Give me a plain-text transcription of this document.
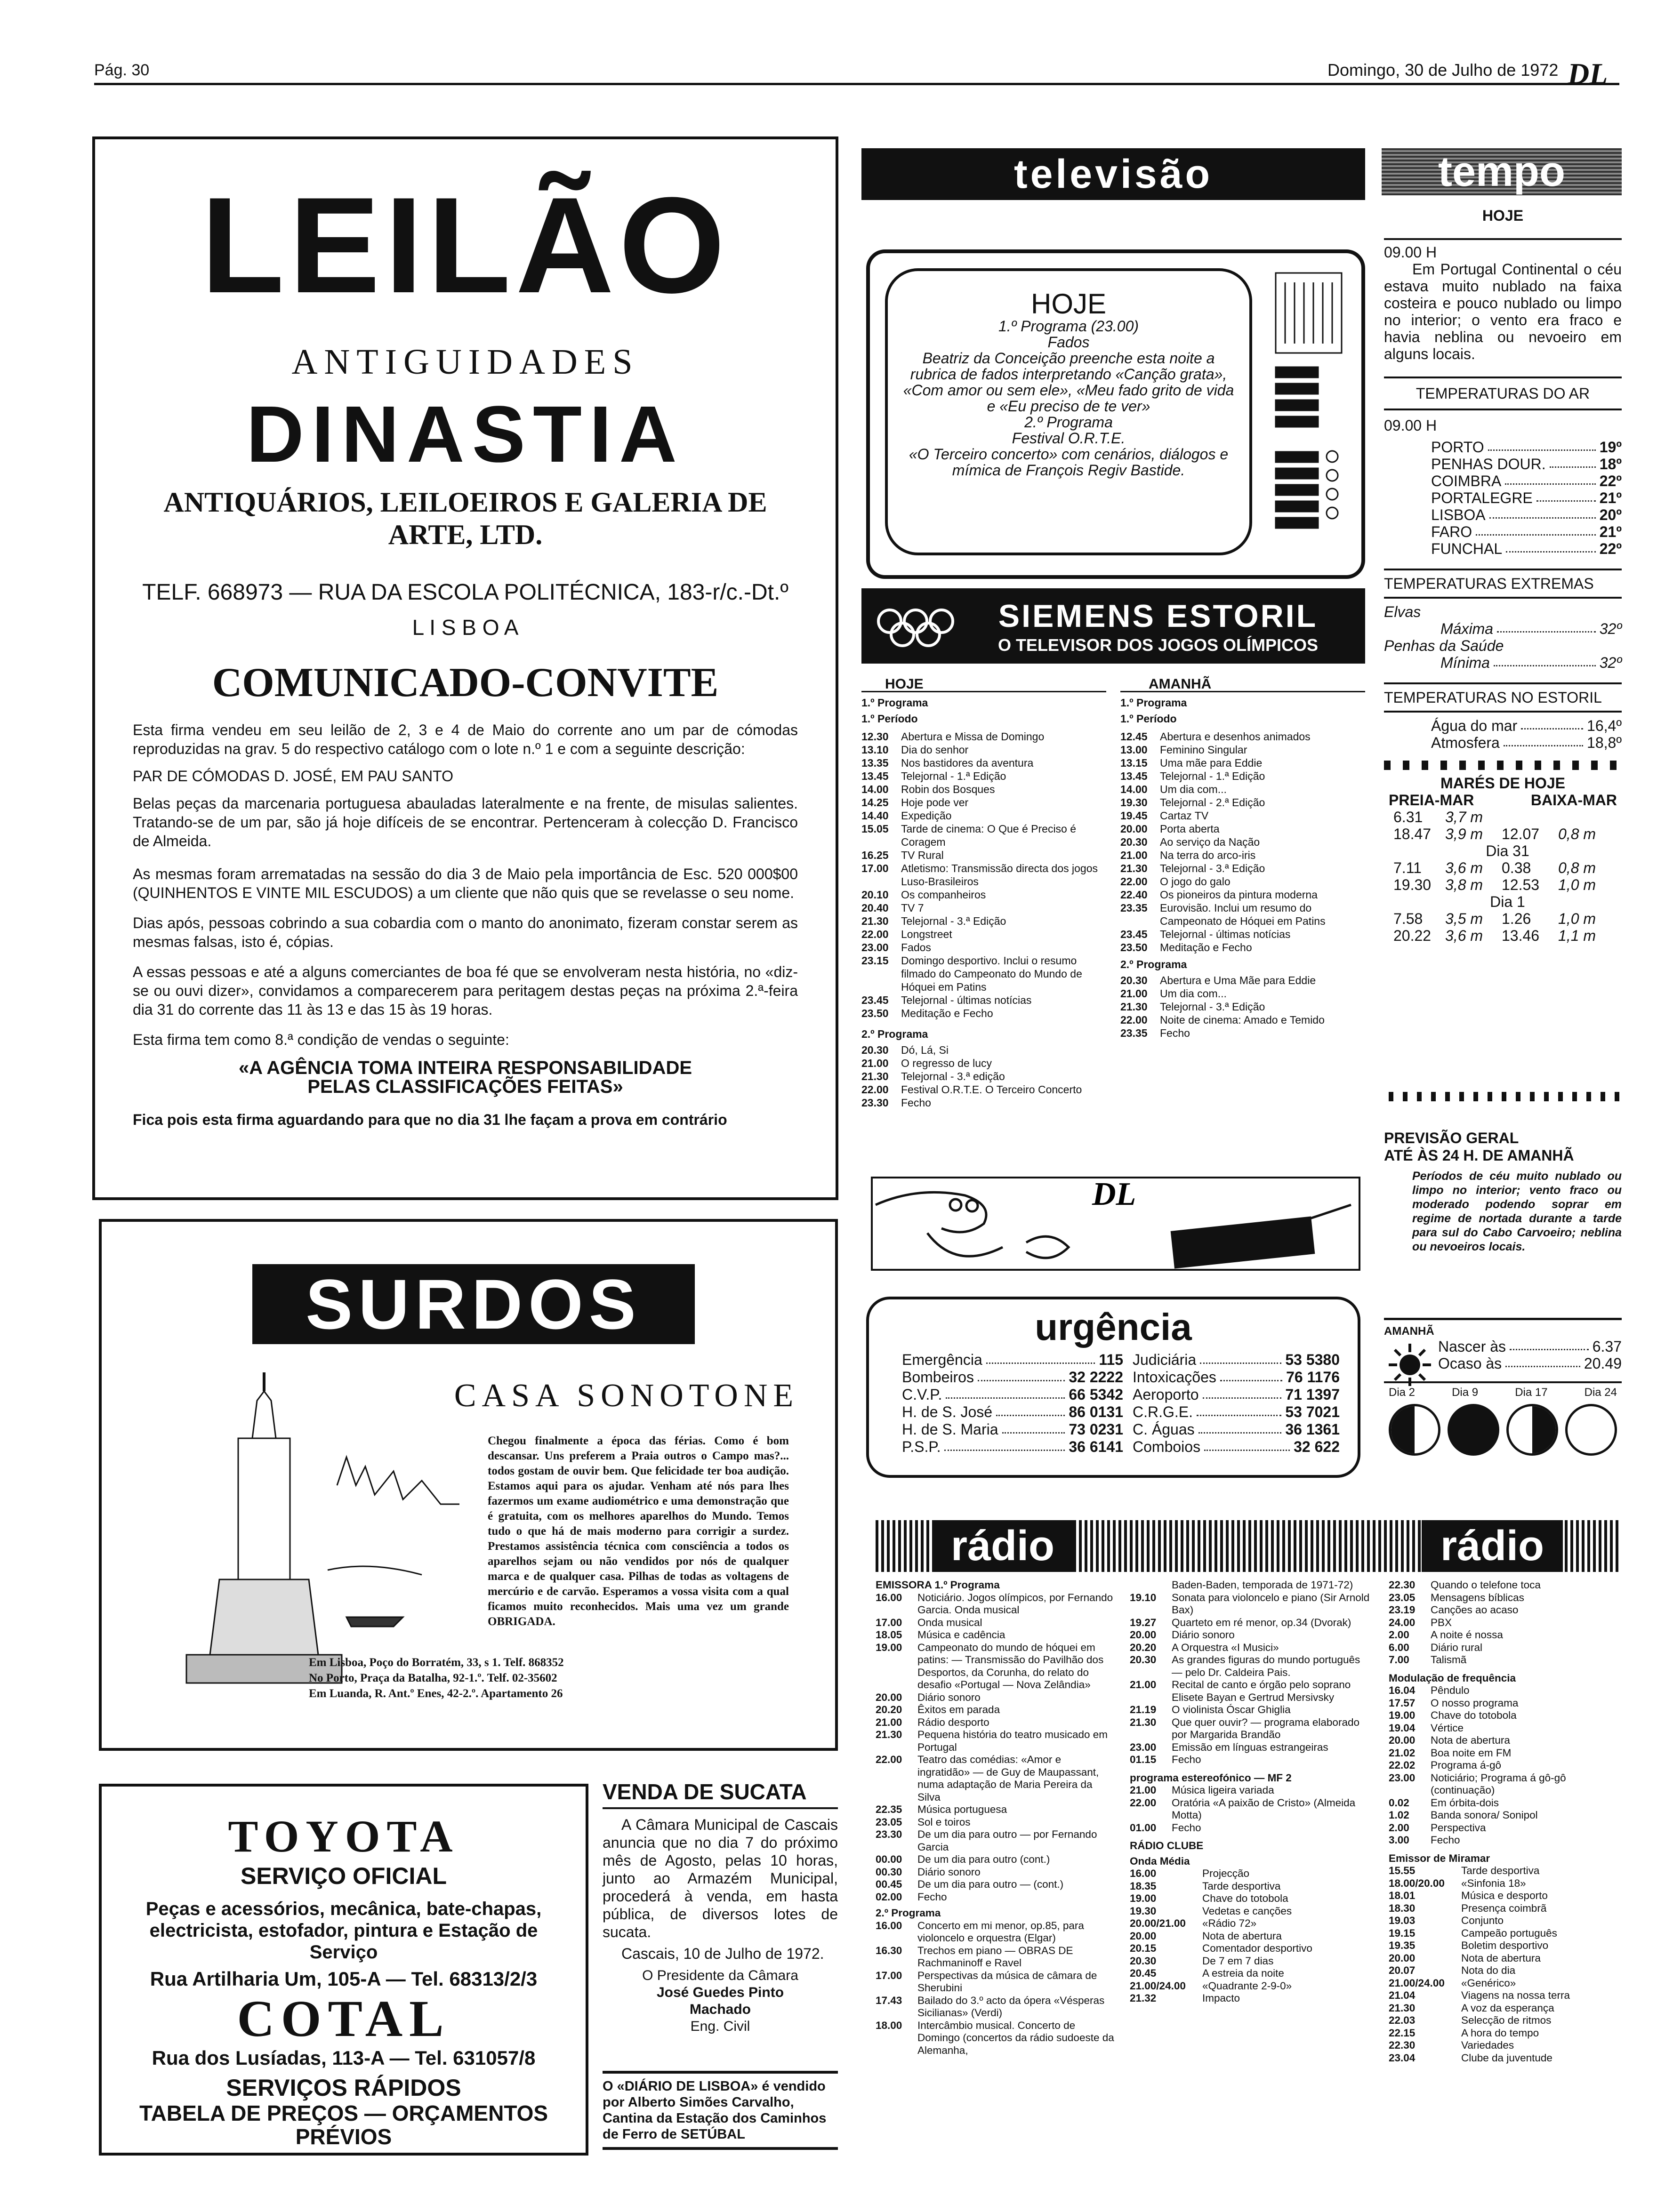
Pág. 30	Domingo, 30 de Julho de 1972 DL
LEILÃO
ANTIGUIDADES
DINASTIA
ANTIQUÁRIOS, LEILOEIROS E GALERIA DE ARTE, LTD.
TELF. 668973 — RUA DA ESCOLA POLITÉCNICA, 183-r/c.-Dt.º
L I S B O A
COMUNICADO-CONVITE

Esta firma vendeu em seu leilão de 2, 3 e 4 de Maio do corrente ano um par de cómodas reproduzidas na grav. 5 do respectivo catálogo com o lote n.º 1 e com a seguinte descrição:

PAR DE CÓMODAS D. JOSÉ, EM PAU SANTO

Belas peças da marcenaria portuguesa abauladas lateralmente e na frente, de misulas salientes. Tratando-se de um par, são já hoje difíceis de se encontrar. Pertenceram à colecção D. Francisco de Almeida.

As mesmas foram arrematadas na sessão do dia 3 de Maio pela importância de Esc. 520 000$00 (QUINHENTOS E VINTE MIL ESCUDOS) a um cliente que não quis que se revelasse o seu nome.

Dias após, pessoas cobrindo a sua cobardia com o manto do anonimato, fizeram constar serem as mesmas falsas, isto é, cópias.

A essas pessoas e até a alguns comerciantes de boa fé que se envolveram nesta história, no «diz-se ou ouvi dizer», convidamos a comparecerem para peritagem destas peças na próxima 2.ª-feira dia 31 do corrente das 11 às 13 e das 15 às 19 horas.

Esta firma tem como 8.ª condição de vendas o seguinte:

«A AGÊNCIA TOMA INTEIRA RESPONSABILIDADE
PELAS CLASSIFICAÇÕES FEITAS»

Fica pois esta firma aguardando para que no dia 31 lhe façam a prova em contrário

SURDOS
CASA SONOTONE
Chegou finalmente a época das férias. Como é bom descansar. Uns preferem a Praia outros o Campo mas?... todos gostam de ouvir bem. Que felicidade ter boa audição. Estamos aqui para os ajudar. Venham até nós para lhes fazermos um exame audiométrico e uma demonstração que é gratuita, com os melhores aparelhos do Mundo. Temos tudo o que há de mais moderno para corrigir a surdez. Prestamos assistência técnica com consciência a todos os aparelhos sejam ou não vendidos por nós de qualquer marca e de qualquer casa. Pilhas de todas as voltagens de mercúrio e de carvão. Esperamos a vossa visita com a qual ficamos muito reconhecidos. Mais uma vez um grande OBRIGADA.
Em Lisboa, Poço do Borratém, 33, s 1. Telf. 868352
No Porto, Praça da Batalha, 92-1.º. Telf. 02-35602
Em Luanda, R. Ant.º Enes, 42-2.º. Apartamento 26
TOYOTA
SERVIÇO OFICIAL
Peças e acessórios, mecânica, bate-chapas, electricista, estofador, pintura e Estação de Serviço
Rua Artilharia Um, 105-A — Tel. 68313/2/3
COTAL
Rua dos Lusíadas, 113-A — Tel. 631057/8
SERVIÇOS RÁPIDOS
TABELA DE PREÇOS — ORÇAMENTOS PRÉVIOS
VENDA DE SUCATA
A Câmara Municipal de Cascais anuncia que no dia 7 do próximo mês de Agosto, pelas 10 horas, junto ao Armazém Municipal, procederá à venda, em hasta pública, de diversos lotes de sucata.
Cascais, 10 de Julho de 1972.
O Presidente da Câmara
José Guedes Pinto
Machado
Eng. Civil
O «DIÁRIO DE LISBOA» é vendido por Alberto Simões Carvalho, Cantina da Estação dos Caminhos de Ferro de SETÚBAL
televisão
HOJE
1.º Programa (23.00)
Fados
Beatriz da Conceição preenche esta noite a rubrica de fados interpretando «Canção grata», «Com amor ou sem ele», «Meu fado grito de vida e «Eu preciso de te ver»
2.º Programa
Festival O.R.T.E.
«O Terceiro concerto» com cenários, diálogos e mímica de François Regiv Bastide.
SIEMENS ESTORIL
O TELEVISOR DOS JOGOS OLÍMPICOS
HOJE
1.º Programa
1.º Período
12.30	Abertura e Missa de Domingo
13.10	Dia do senhor
13.35	Nos bastidores da aventura
13.45	Telejornal - 1.ª Edição
14.00	Robin dos Bosques
14.25	Hoje pode ver
14.40	Expedição
15.05	Tarde de cinema: O Que é Preciso é Coragem
16.25	TV Rural
17.00	Atletismo: Transmissão directa dos jogos Luso-Brasileiros
20.10	Os companheiros
20.40	TV 7
21.30	Telejornal - 3.ª Edição
22.00	Longstreet
23.00	Fados
23.15	Domingo desportivo. Inclui o resumo filmado do Campeonato do Mundo de Hóquei em Patins
23.45	Telejornal - últimas notícias
23.50	Meditação e Fecho
2.º Programa
20.30	Dó, Lá, Si
21.00	O regresso de lucy
21.30	Telejornal - 3.ª edição
22.00	Festival O.R.T.E. O Terceiro Concerto
23.30	Fecho
AMANHÃ
1.º Programa
1.º Período
12.45	Abertura e desenhos animados
13.00	Feminino Singular
13.15	Uma mãe para Eddie
13.45	Telejornal - 1.ª Edição
14.00	Um dia com...
19.30	Telejornal - 2.ª Edição
19.45	Cartaz TV
20.00	Porta aberta
20.30	Ao serviço da Nação
21.00	Na terra do arco-iris
21.30	Telejornal - 3.ª Edição
22.00	O jogo do galo
22.40	Os pioneiros da pintura moderna
23.35	Eurovisão. Inclui um resumo do Campeonato de Hóquei em Patins
23.45	Telejornal - últimas notícias
23.50	Meditação e Fecho
2.º Programa
20.30	Abertura e Uma Mãe para Eddie
21.00	Um dia com...
21.30	Telejornal - 3.ª Edição
22.00	Noite de cinema: Amado e Temido
23.35	Fecho
DL
urgência
Emergência	115
Bombeiros	32 2222
C.V.P.	66 5342
H. de S. José	86 0131
H. de S. Maria	73 0231
P.S.P.	36 6141
Judiciária	53 5380
Intoxicações	76 1176
Aeroporto	71 1397
C.R.G.E.	53 7021
C. Águas	36 1361
Comboios	32 622
tempo
HOJE
09.00 H
Em Portugal Continental o céu estava muito nublado na faixa costeira e pouco nublado ou limpo no interior; o vento era fraco e havia neblina ou nevoeiro em alguns locais.
TEMPERATURAS DO AR
09.00 H
PORTO	19º
PENHAS DOUR.	18º
COIMBRA	22º
PORTALEGRE	21º
LISBOA	20º
FARO	21º
FUNCHAL	22º
TEMPERATURAS EXTREMAS
Elvas
Máxima	32º
Penhas da Saúde
Mínima	32º
TEMPERATURAS NO ESTORIL
Água do mar	16,4º
Atmosfera	18,8º
MARÉS DE HOJE
PREIA-MAR	BAIXA-MAR
6.31	3,7 m
18.47 3,9 m	12.07	0,8 m
Dia 31
7.11	3,6 m	0.38	0,8 m
19.30 3,8 m	12.53	1,0 m
Dia 1
7.58	3,5 m	1.26	1,0 m
20.22 3,6 m	13.46	1,1 m
PREVISÃO GERAL
ATÉ ÀS 24 H. DE AMANHÃ
Períodos de céu muito nublado ou limpo no interior; vento fraco ou moderado podendo soprar em regime de nortada durante a tarde para sul do Cabo Carvoeiro; neblina ou nevoeiros locais.
AMANHÃ
Nascer às	6.37
Ocaso às	20.49
Dia 2	Dia 9	Dia 17	Dia 24
rádio	rádio
EMISSORA 1.º Programa
16.00	Noticiário. Jogos olímpicos, por Fernando Garcia. Onda musical
17.00	Onda musical
18.05	Música e cadência
19.00	Campeonato do mundo de hóquei em patins: — Transmissão do Pavilhão dos Desportos, da Corunha, do relato do desafio «Portugal — Nova Zelândia»
20.00	Diário sonoro
20.20	Êxitos em parada
21.00	Rádio desporto
21.30	Pequena história do teatro musicado em Portugal
22.00	Teatro das comédias: «Amor e ingratidão» — de Guy de Maupassant, numa adaptação de Maria Pereira da Silva
22.35	Música portuguesa
23.05	Sol e toiros
23.30	De um dia para outro — por Fernando Garcia
00.00	De um dia para outro (cont.)
00.30	Diário sonoro
00.45	De um dia para outro — (cont.)
02.00	Fecho
2.º Programa
16.00	Concerto em mi menor, op.85, para violoncelo e orquestra (Elgar)
16.30	Trechos em piano — OBRAS DE Rachmaninoff e Ravel
17.00	Perspectivas da música de câmara de Sherubini
17.43	Bailado do 3.º acto da ópera «Vésperas Sicilianas» (Verdi)
18.00	Intercâmbio musical. Concerto de Domingo (concertos da rádio sudoeste da Alemanha,
Baden-Baden, temporada de 1971-72)
19.10	Sonata para violoncelo e piano (Sir Arnold Bax)
19.27	Quarteto em ré menor, op.34 (Dvorak)
20.00	Diário sonoro
20.20	A Orquestra «I Musici»
20.30	As grandes figuras do mundo português — pelo Dr. Caldeira Pais.
21.00	Recital de canto e órgão pelo soprano Elisete Bayan e Gertrud Mersivsky
21.19	O violinista Óscar Ghiglia
21.30	Que quer ouvir? — programa elaborado por Margarida Brandão
23.00	Emissão em línguas estrangeiras
01.15	Fecho
programa estereofónico — MF 2
21.00	Música ligeira variada
22.00	Oratória «A paixão de Cristo» (Almeida Motta)
01.00	Fecho
RÁDIO CLUBE
Onda Média
16.00	Projecção
18.35	Tarde desportiva
19.00	Chave do totobola
19.30	Vedetas e canções
20.00/21.00	«Rádio 72»
20.00	Nota de abertura
20.15	Comentador desportivo
20.30	De 7 em 7 dias
20.45	A estreia da noite
21.00/24.00	«Quadrante 2-9-0»
21.32	Impacto
22.30	Quando o telefone toca
23.05	Mensagens bíblicas
23.19	Canções ao acaso
24.00	PBX
2.00	A noite é nossa
6.00	Diário rural
7.00	Talismã
Modulação de frequência
16.04	Pêndulo
17.57	O nosso programa
19.00	Chave do totobola
19.04	Vértice
20.00	Nota de abertura
21.02	Boa noite em FM
22.02	Programa á-gô
23.00	Noticiário; Programa á gô-gô (continuação)
0.02	Em órbita-dois
1.02	Banda sonora/ Sonipol
2.00	Perspectiva
3.00	Fecho
Emissor de Miramar
15.55	Tarde desportiva
18.00/20.00	«Sinfonia 18»
18.01	Música e desporto
18.30	Presença coimbrã
19.03	Conjunto
19.15	Campeão português
19.35	Boletim desportivo
20.00	Nota de abertura
20.07	Nota do dia
21.00/24.00	«Genérico»
21.04	Viagens na nossa terra
21.30	A voz da esperança
22.03	Selecção de ritmos
22.15	A hora do tempo
22.30	Variedades
23.04	Clube da juventude
